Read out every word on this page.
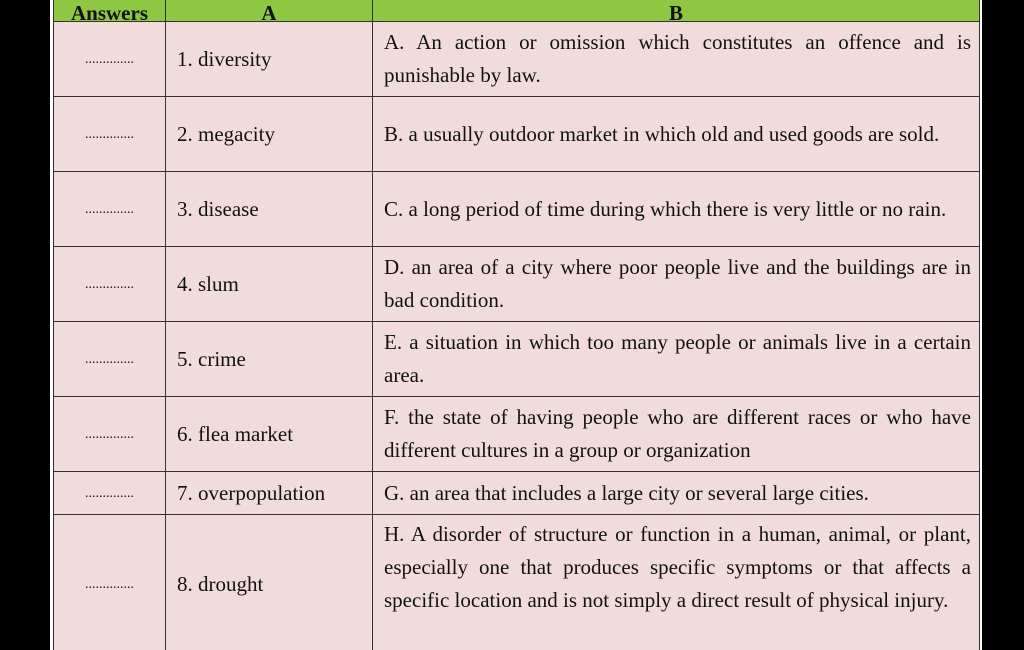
Answers	A	B

..............	1. diversity	A. An action or omission which constitutes an offence and is punishable by law.
..............	2. megacity	B. a usually outdoor market in which old and used goods are sold.
..............	3. disease	C. a long period of time during which there is very little or no rain.
..............	4. slum	D. an area of a city where poor people live and the buildings are in bad condition.
..............	5. crime	E. a situation in which too many people or animals live in a certain area.
..............	6. flea market	F. the state of having people who are different races or who have different cultures in a group or organization
..............	7. overpopulation	G. an area that includes a large city or several large cities.
..............	8. drought	H. A disorder of structure or function in a human, animal, or plant, especially one that produces specific symptoms or that affects a specific location and is not simply a direct result of physical injury.
